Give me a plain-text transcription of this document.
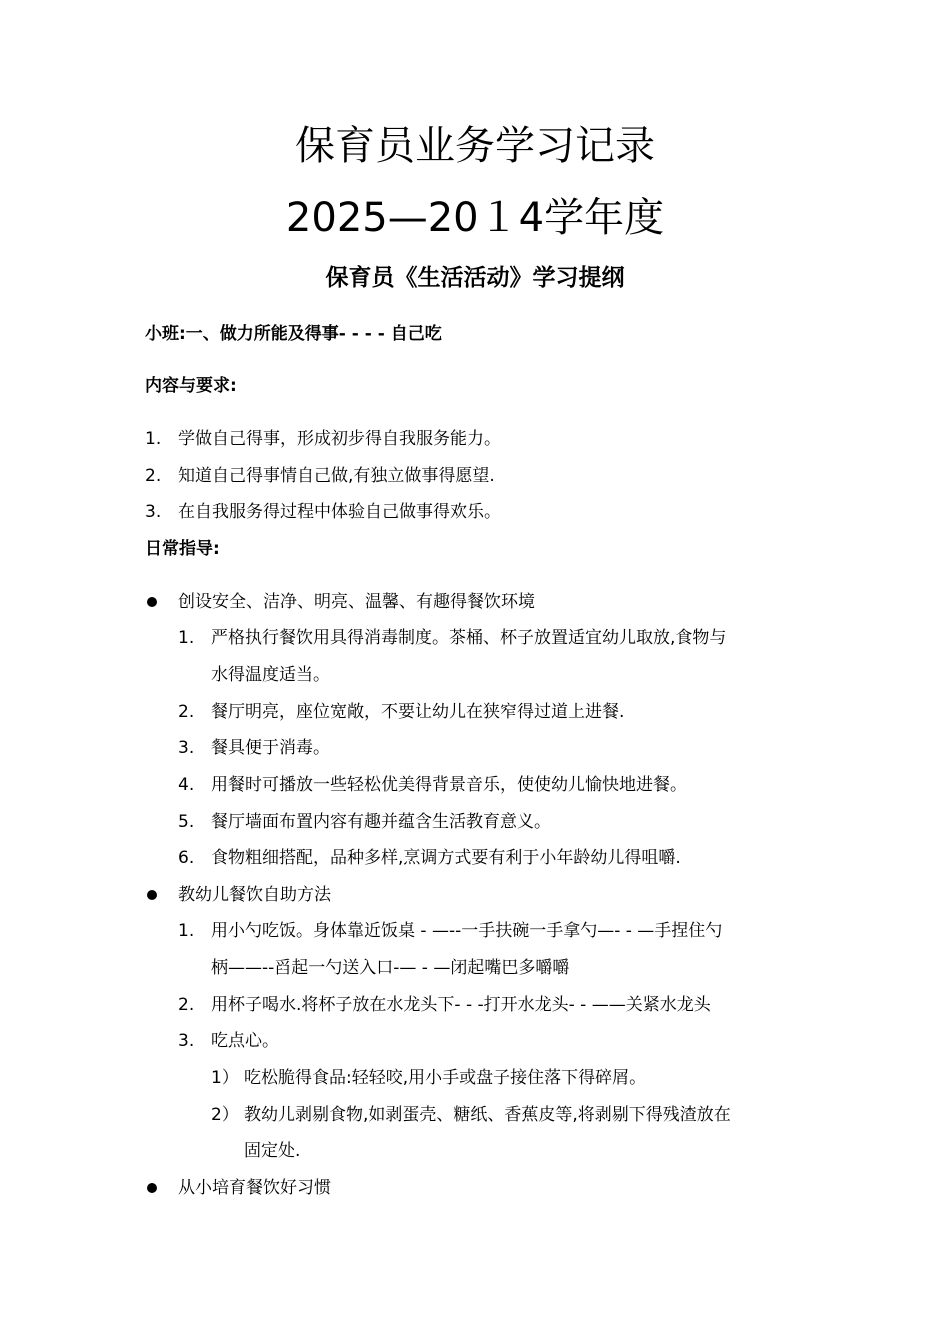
保育员业务学习记录
2025—20１4学年度
保育员《生活活动》学习提纲
小班:一、做力所能及得事- - - - 自己吃
内容与要求:
1. 学做自己得事，形成初步得自我服务能力。
2. 知道自己得事情自己做,有独立做事得愿望.
3. 在自我服务得过程中体验自己做事得欢乐。
日常指导:
创设安全、洁净、明亮、温馨、有趣得餐饮环境
1. 严格执行餐饮用具得消毒制度。茶桶、杯子放置适宜幼儿取放,食物与
水得温度适当。
2. 餐厅明亮，座位宽敞，不要让幼儿在狭窄得过道上进餐.
3. 餐具便于消毒。
4. 用餐时可播放一些轻松优美得背景音乐，使使幼儿愉快地进餐。
5. 餐厅墙面布置内容有趣并蕴含生活教育意义。
6. 食物粗细搭配，品种多样,烹调方式要有利于小年龄幼儿得咀嚼.
教幼儿餐饮自助方法
1. 用小勺吃饭。身体靠近饭桌 - —--一手扶碗一手拿勺—- - —手捏住勺
柄——--舀起一勺送入口-— - —闭起嘴巴多嚼嚼
2. 用杯子喝水.将杯子放在水龙头下- - -打开水龙头- - ——关紧水龙头
3. 吃点心。
1） 吃松脆得食品:轻轻咬,用小手或盘子接住落下得碎屑。
2） 教幼儿剥剔食物,如剥蛋壳、糖纸、香蕉皮等,将剥剔下得残渣放在
固定处.
从小培育餐饮好习惯
